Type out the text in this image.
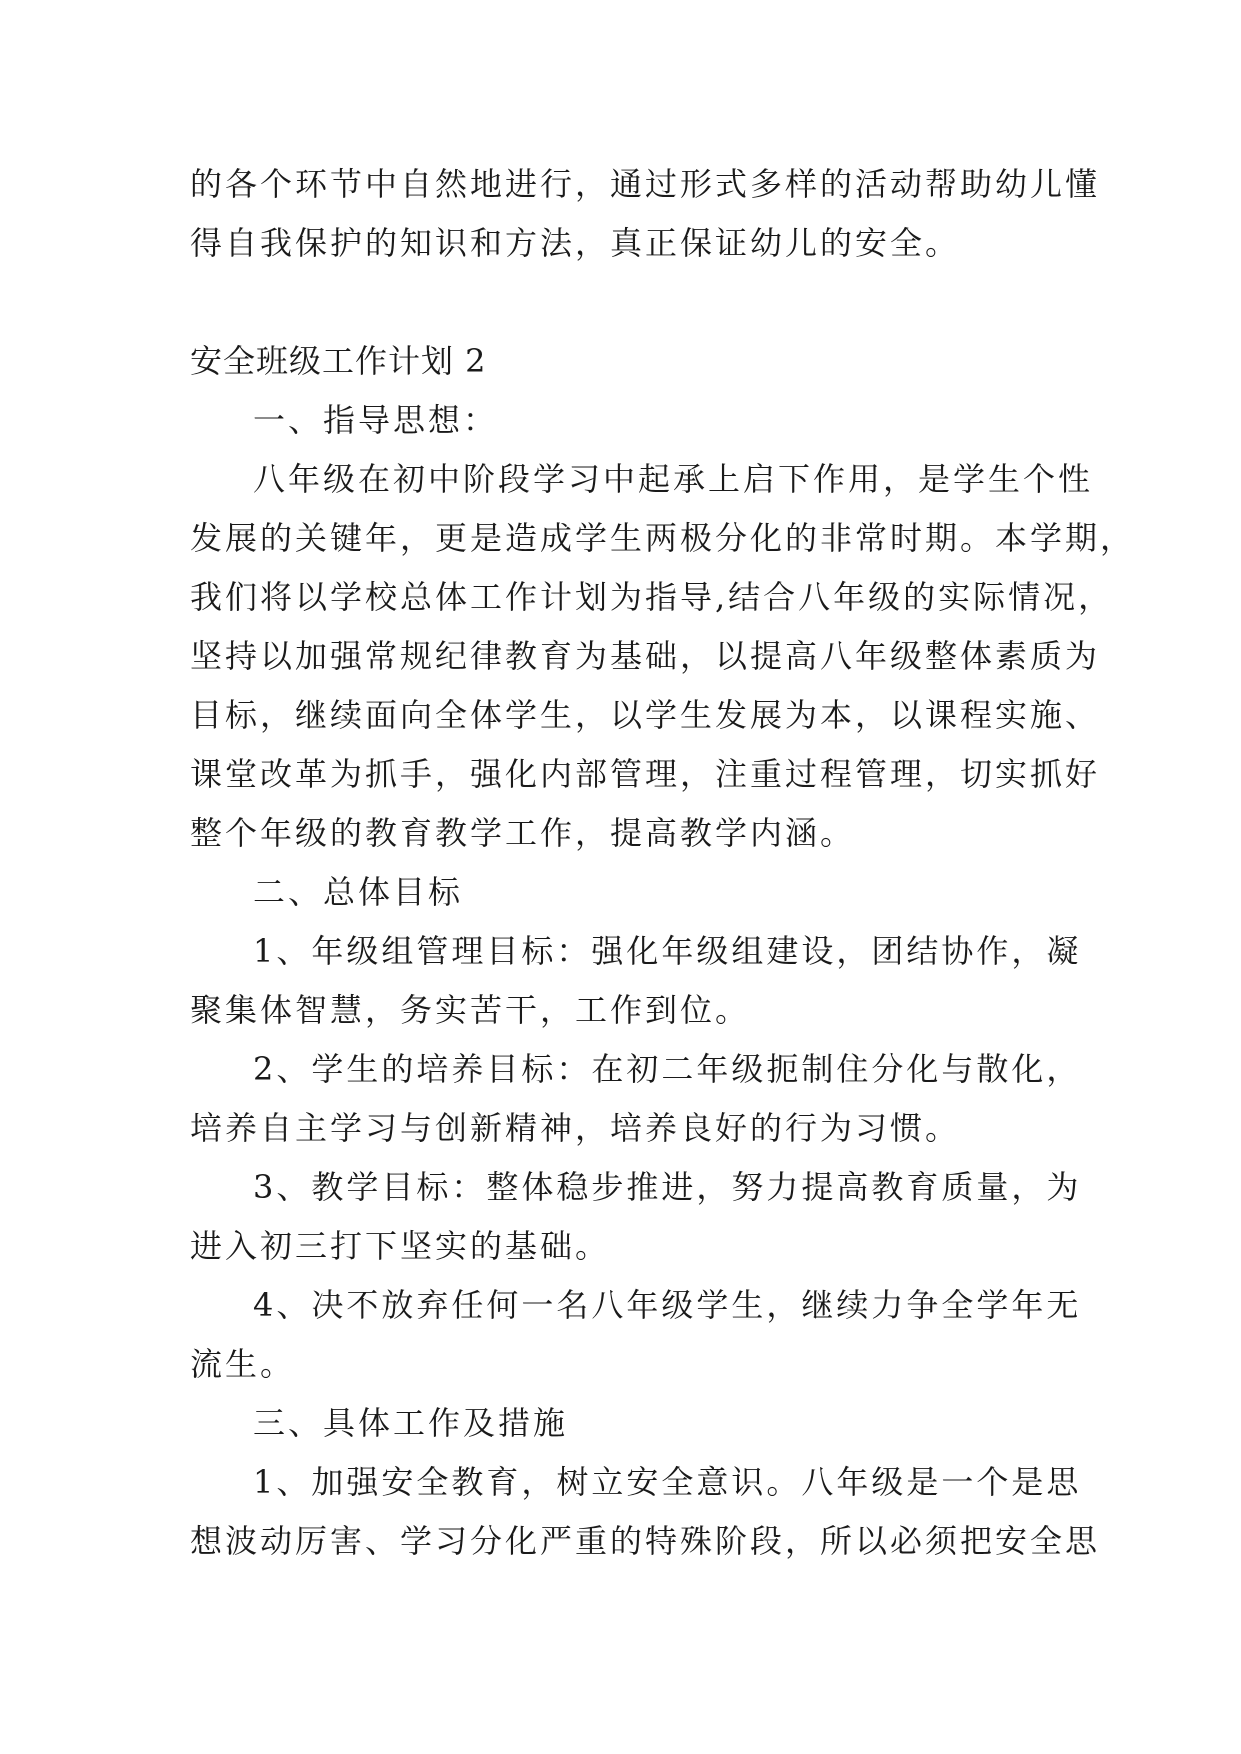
的各个环节中自然地进行，通过形式多样的活动帮助幼儿懂
得自我保护的知识和方法，真正保证幼儿的安全。
安全班级工作计划 2
一、指导思想：
八年级在初中阶段学习中起承上启下作用，是学生个性
发展的关键年，更是造成学生两极分化的非常时期。本学期，
我们将以学校总体工作计划为指导,结合八年级的实际情况，
坚持以加强常规纪律教育为基础，以提高八年级整体素质为
目标，继续面向全体学生，以学生发展为本，以课程实施、
课堂改革为抓手，强化内部管理，注重过程管理，切实抓好
整个年级的教育教学工作，提高教学内涵。
二、总体目标
1、年级组管理目标：强化年级组建设，团结协作，凝
聚集体智慧，务实苦干，工作到位。
2、学生的培养目标：在初二年级扼制住分化与散化，
培养自主学习与创新精神，培养良好的行为习惯。
3、教学目标：整体稳步推进，努力提高教育质量，为
进入初三打下坚实的基础。
4、决不放弃任何一名八年级学生，继续力争全学年无
流生。
三、具体工作及措施
1、加强安全教育，树立安全意识。八年级是一个是思
想波动厉害、学习分化严重的特殊阶段，所以必须把安全思
